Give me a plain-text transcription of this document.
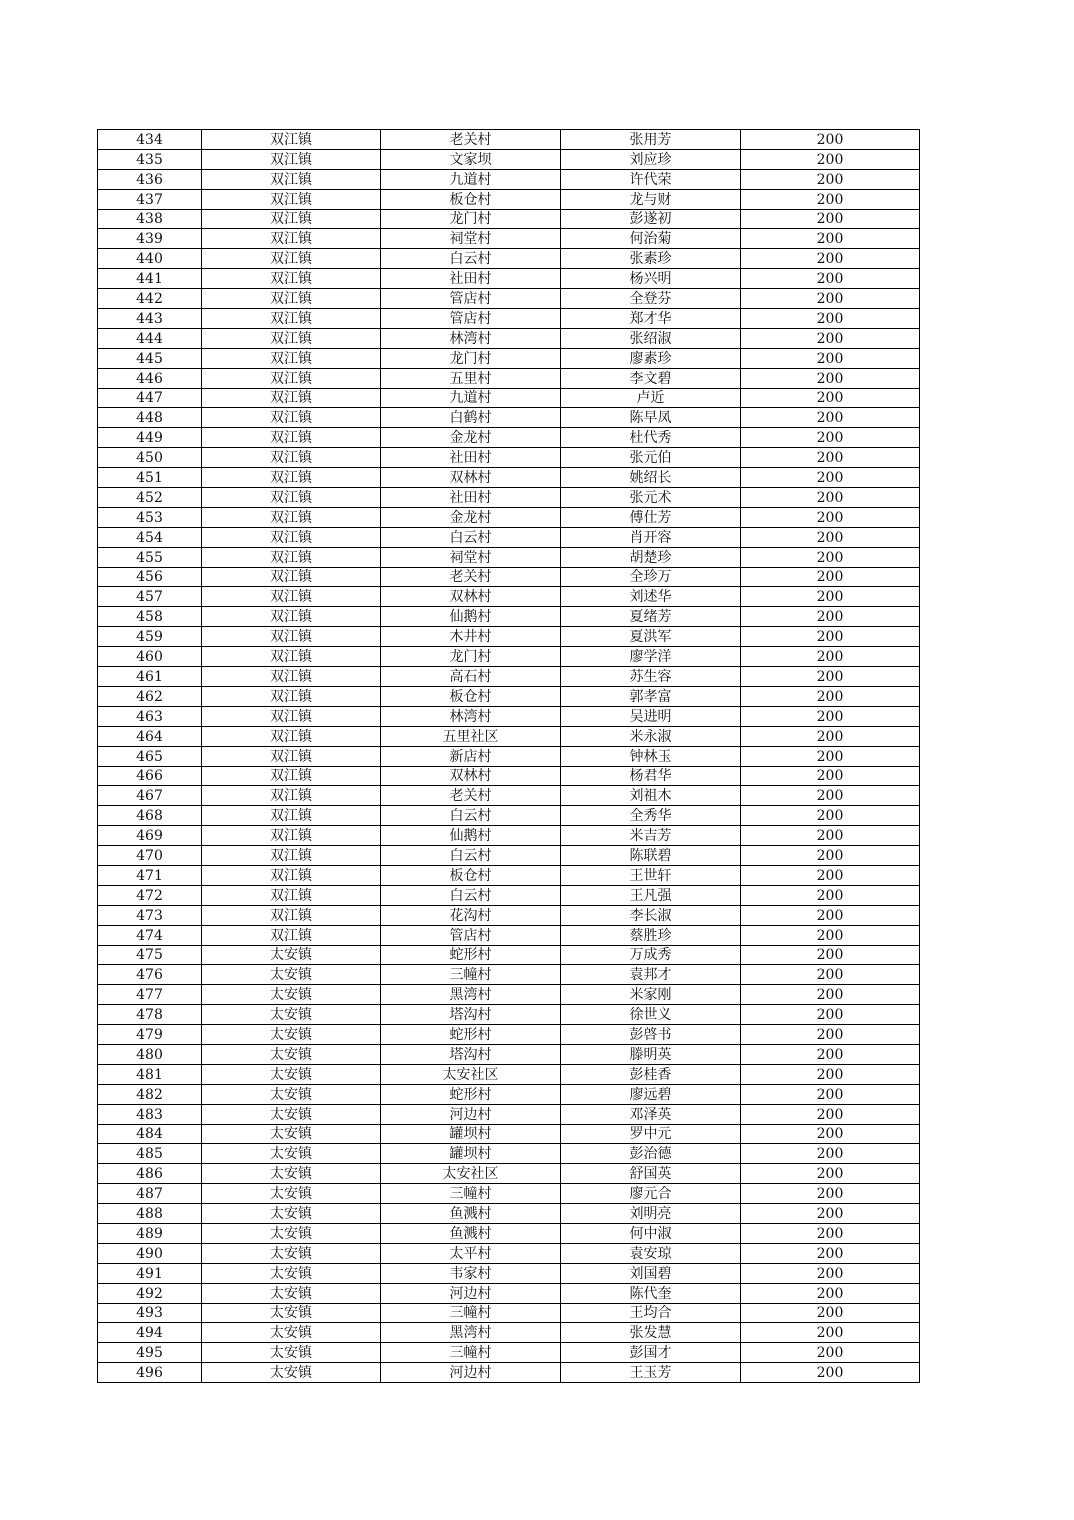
434	双江镇	老关村	张用芳	200
435	双江镇	文家坝	刘应珍	200
436	双江镇	九道村	许代荣	200
437	双江镇	板仓村	龙与财	200
438	双江镇	龙门村	彭遂初	200
439	双江镇	祠堂村	何治菊	200
440	双江镇	白云村	张素珍	200
441	双江镇	社田村	杨兴明	200
442	双江镇	管店村	全登芬	200
443	双江镇	管店村	郑才华	200
444	双江镇	林湾村	张绍淑	200
445	双江镇	龙门村	廖素珍	200
446	双江镇	五里村	李文碧	200
447	双江镇	九道村	卢近	200
448	双江镇	白鹤村	陈早凤	200
449	双江镇	金龙村	杜代秀	200
450	双江镇	社田村	张元伯	200
451	双江镇	双林村	姚绍长	200
452	双江镇	社田村	张元术	200
453	双江镇	金龙村	傅仕芳	200
454	双江镇	白云村	肖开容	200
455	双江镇	祠堂村	胡楚珍	200
456	双江镇	老关村	全珍万	200
457	双江镇	双林村	刘述华	200
458	双江镇	仙鹅村	夏绪芳	200
459	双江镇	木井村	夏洪军	200
460	双江镇	龙门村	廖学洋	200
461	双江镇	高石村	苏生容	200
462	双江镇	板仓村	郭孝富	200
463	双江镇	林湾村	吴进明	200
464	双江镇	五里社区	米永淑	200
465	双江镇	新店村	钟林玉	200
466	双江镇	双林村	杨君华	200
467	双江镇	老关村	刘祖木	200
468	双江镇	白云村	全秀华	200
469	双江镇	仙鹅村	米吉芳	200
470	双江镇	白云村	陈联碧	200
471	双江镇	板仓村	王世轩	200
472	双江镇	白云村	王凡强	200
473	双江镇	花沟村	李长淑	200
474	双江镇	管店村	蔡胜珍	200
475	太安镇	蛇形村	万成秀	200
476	太安镇	三幢村	袁邦才	200
477	太安镇	黑湾村	米家刚	200
478	太安镇	塔沟村	徐世义	200
479	太安镇	蛇形村	彭啓书	200
480	太安镇	塔沟村	滕明英	200
481	太安镇	太安社区	彭桂香	200
482	太安镇	蛇形村	廖远碧	200
483	太安镇	河边村	邓泽英	200
484	太安镇	罐坝村	罗中元	200
485	太安镇	罐坝村	彭治德	200
486	太安镇	太安社区	舒国英	200
487	太安镇	三幢村	廖元合	200
488	太安镇	鱼溅村	刘明亮	200
489	太安镇	鱼溅村	何中淑	200
490	太安镇	太平村	袁安琼	200
491	太安镇	韦家村	刘国碧	200
492	太安镇	河边村	陈代奎	200
493	太安镇	三幢村	王均合	200
494	太安镇	黑湾村	张发慧	200
495	太安镇	三幢村	彭国才	200
496	太安镇	河边村	王玉芳	200
